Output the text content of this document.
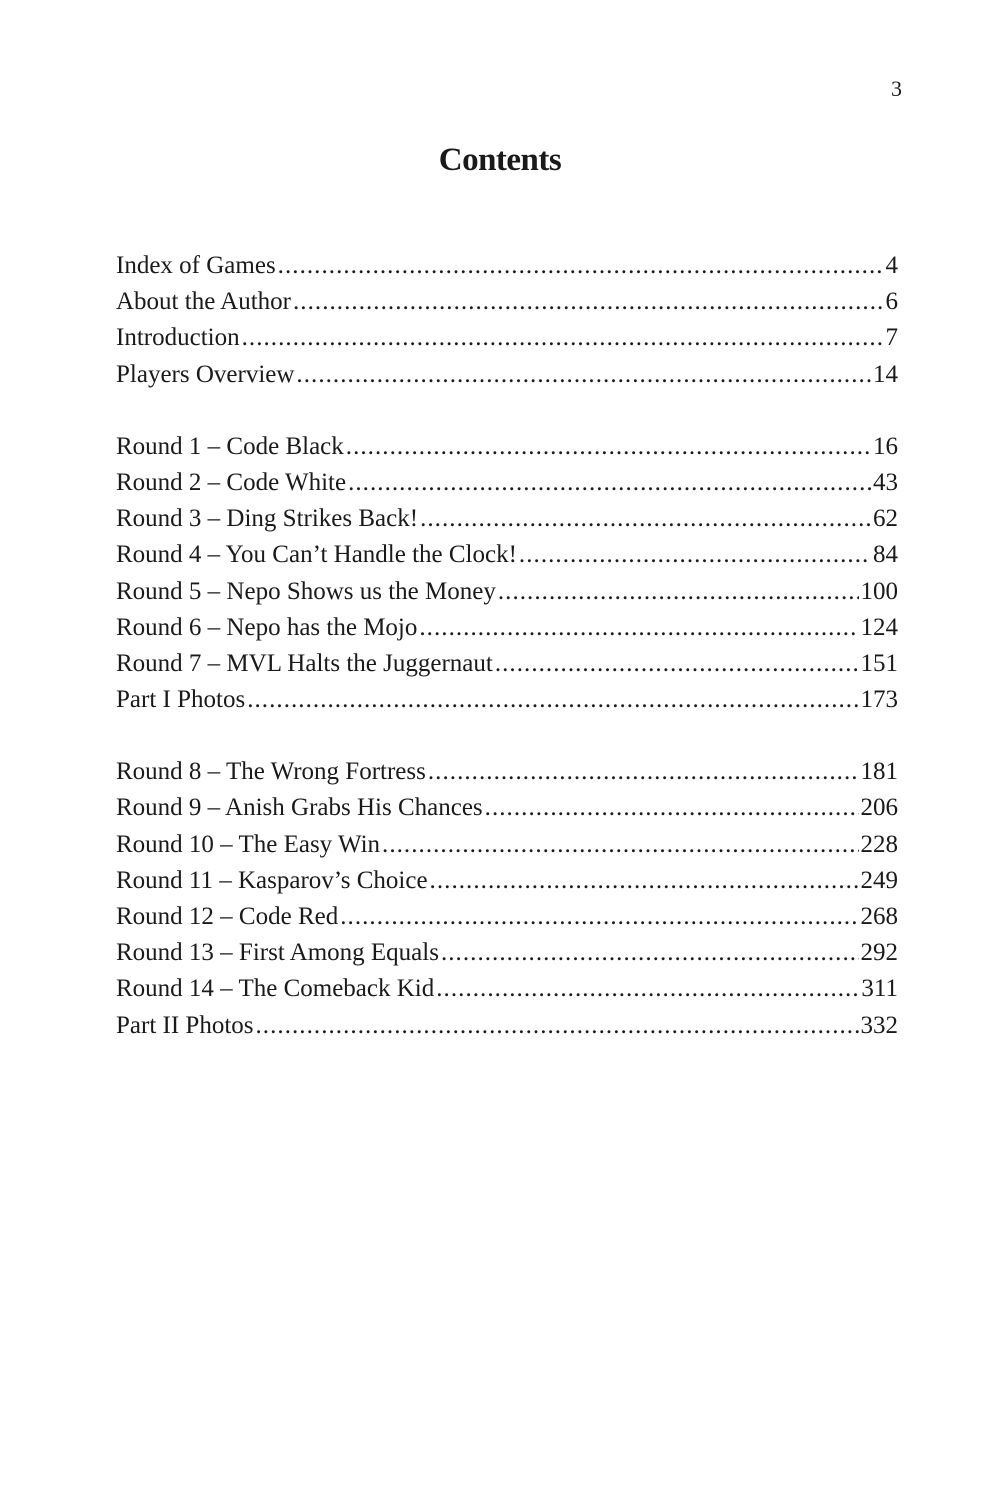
3
Contents
Index of Games . . .	4
About the Author . . .	6
Introduction . . .	7
Players Overview . . .	14
Round 1 – Code Black . . .	16
Round 2 – Code White . . .	43
Round 3 – Ding Strikes Back! . . .	62
Round 4 – You Can’t Handle the Clock! . . .	84
Round 5 – Nepo Shows us the Money . . .	100
Round 6 – Nepo has the Mojo . . .	124
Round 7 – MVL Halts the Juggernaut . . .	151
Part I Photos . . .	173
Round 8 – The Wrong Fortress . . .	181
Round 9 – Anish Grabs His Chances . . .	206
Round 10 – The Easy Win . . .	228
Round 11 – Kasparov’s Choice . . .	249
Round 12 – Code Red . . .	268
Round 13 – First Among Equals . . .	292
Round 14 – The Comeback Kid . . .	311
Part II Photos . . .	332
